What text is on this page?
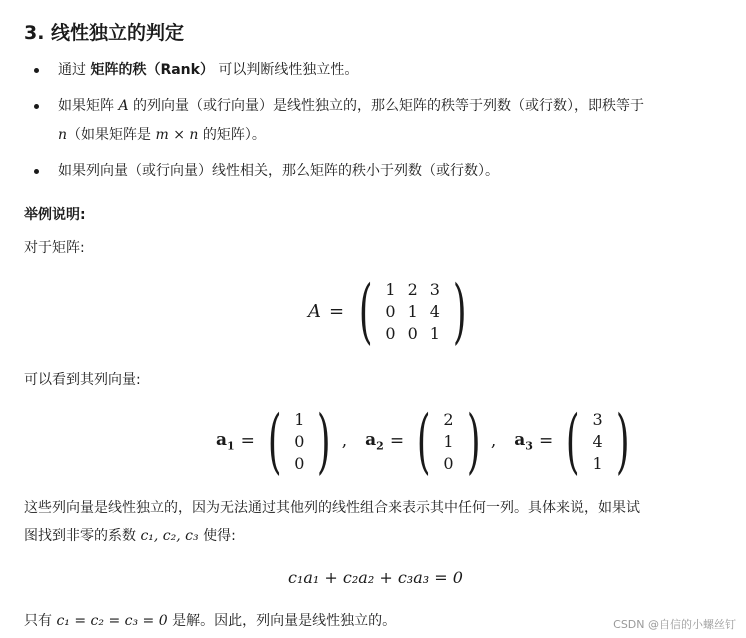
3. 线性独立的判定
通过 矩阵的秩（Rank） 可以判断线性独立性。
如果矩阵 A 的列向量（或行向量）是线性独立的，那么矩阵的秩等于列数（或行数），即秩等于
n（如果矩阵是 m × n 的矩阵）。
如果列向量（或行向量）线性相关，那么矩阵的秩小于列数（或行数）。
举例说明:
对于矩阵:
A = ( 1	2	3
0	1	4
0	0	1 )
可以看到其列向量:
$a_1$ = ( 1
0
0 ) , $a_2$ = ( 2
1
0 ) , $a_3$ = ( 3
4
1 )
这些列向量是线性独立的，因为无法通过其他列的线性组合来表示其中任何一列。具体来说，如果试
图找到非零的系数 c₁, c₂, c₃ 使得:
c₁a₁ + c₂a₂ + c₃a₃ = 0
只有 c₁ = c₂ = c₃ = 0 是解。因此，列向量是线性独立的。	CSDN @自信的小螺丝钉
